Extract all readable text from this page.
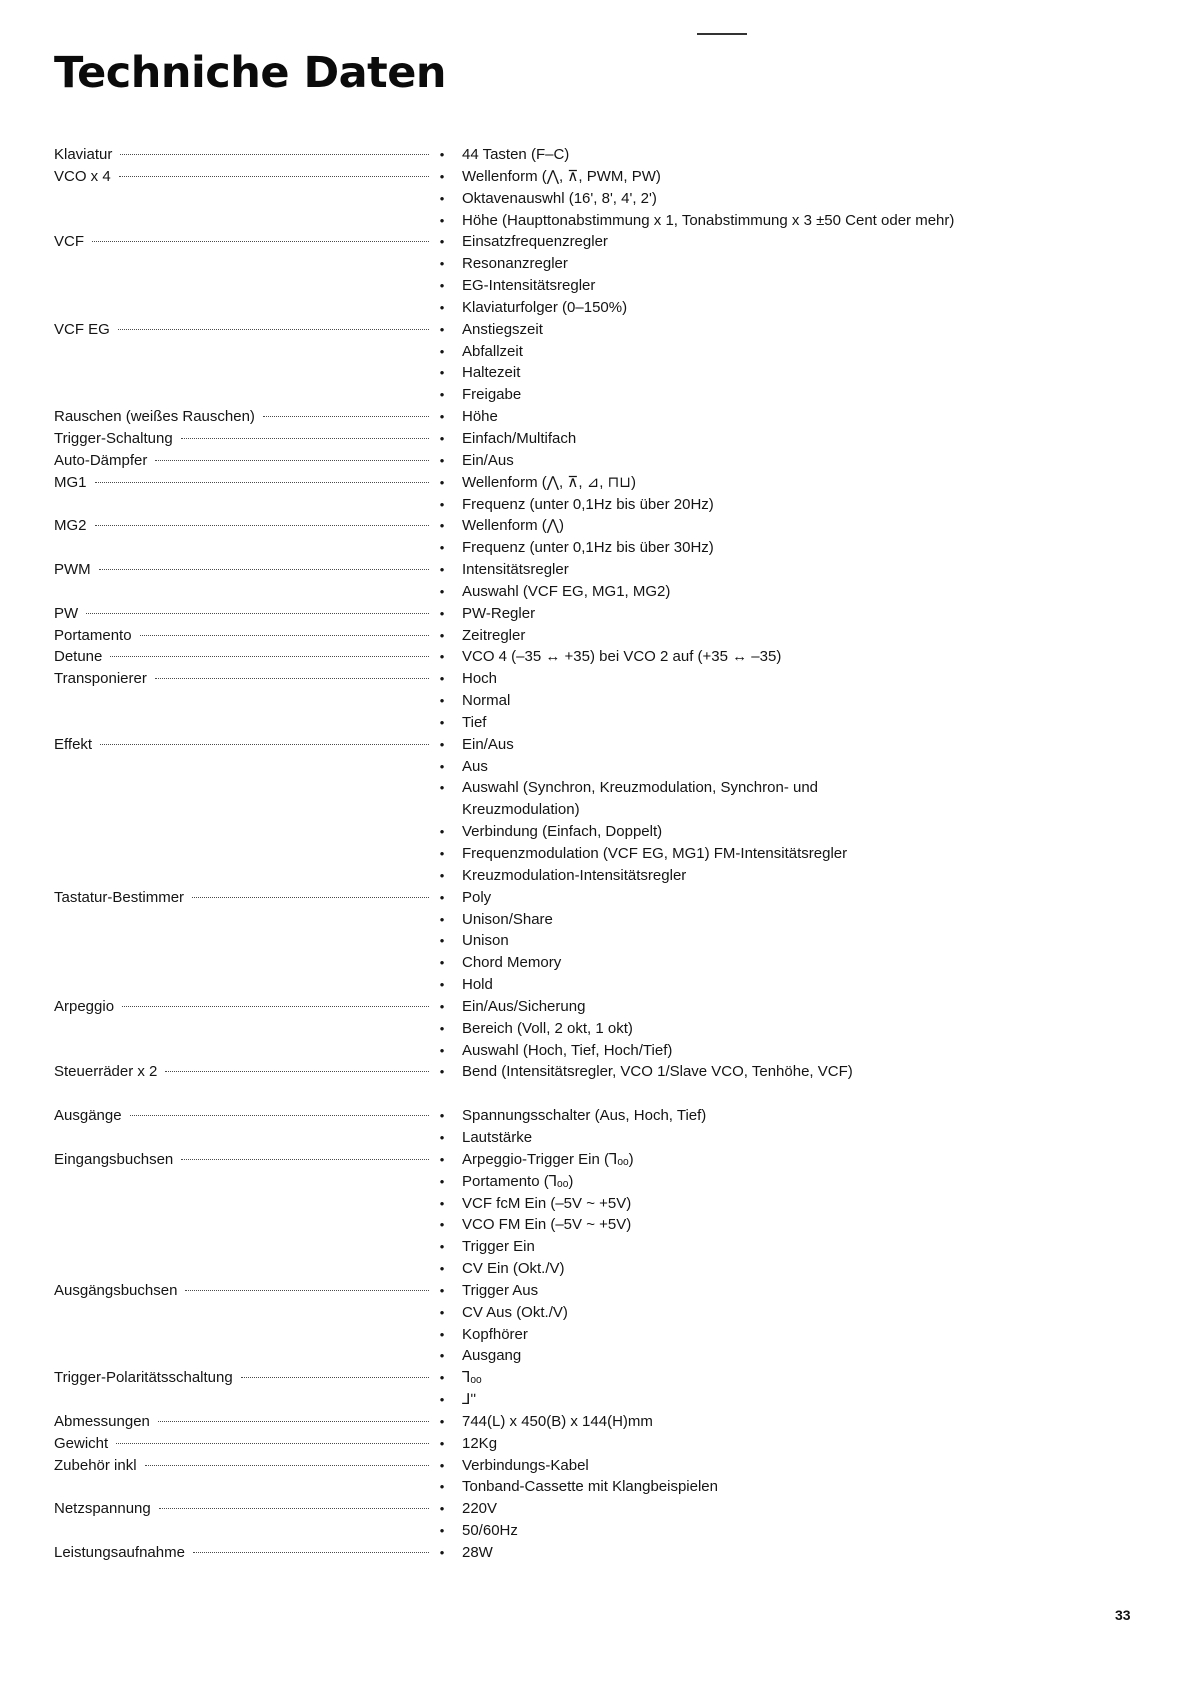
Techniche Daten
Klaviatur	• 44 Tasten (F–C)
VCO x 4	• Wellenform (⋀, ⊼, PWM, PW)
• Oktavenauswhl (16', 8', 4', 2')
• Höhe (Haupttonabstimmung x 1, Tonabstimmung x 3 ±50 Cent oder mehr)
VCF	• Einsatzfrequenzregler
• Resonanzregler
• EG-Intensitätsregler
• Klaviaturfolger (0–150%)
VCF EG	• Anstiegszeit
• Abfallzeit
• Haltezeit
• Freigabe
Rauschen (weißes Rauschen)	• Höhe
Trigger-Schaltung	• Einfach/Multifach
Auto-Dämpfer	• Ein/Aus
MG1	• Wellenform (⋀, ⊼, ⊿, ⊓⊔)
• Frequenz (unter 0,1Hz bis über 20Hz)
MG2	• Wellenform (⋀)
• Frequenz (unter 0,1Hz bis über 30Hz)
PWM	• Intensitätsregler
• Auswahl (VCF EG, MG1, MG2)
PW	• PW-Regler
Portamento	• Zeitregler
Detune	• VCO 4 (–35 ↔ +35) bei VCO 2 auf (+35 ↔ –35)
Transponierer	• Hoch
• Normal
• Tief
Effekt	• Ein/Aus
• Aus
• Auswahl (Synchron, Kreuzmodulation, Synchron- und Kreuzmodulation)
• Verbindung (Einfach, Doppelt)
• Frequenzmodulation (VCF EG, MG1) FM-Intensitätsregler
• Kreuzmodulation-Intensitätsregler
Tastatur-Bestimmer	• Poly
• Unison/Share
• Unison
• Chord Memory
• Hold
Arpeggio	• Ein/Aus/Sicherung
• Bereich (Voll, 2 okt, 1 okt)
• Auswahl (Hoch, Tief, Hoch/Tief)
Steuerräder x 2	• Bend (Intensitätsregler, VCO 1/Slave VCO, Tenhöhe, VCF)
Ausgänge	• Spannungsschalter (Aus, Hoch, Tief)
• Lautstärke
Eingangsbuchsen	• Arpeggio-Trigger Ein (⅂ₒₒ)
• Portamento (⅂ₒₒ)
• VCF fcM Ein (–5V ~ +5V)
• VCO FM Ein (–5V ~ +5V)
• Trigger Ein
• CV Ein (Okt./V)
Ausgängsbuchsen	• Trigger Aus
• CV Aus (Okt./V)
• Kopfhörer
• Ausgang
Trigger-Polaritätsschaltung	• ⅂ₒₒ
• ⅃ʹʹ
Abmessungen	• 744(L) x 450(B) x 144(H)mm
Gewicht	• 12Kg
Zubehör inkl	• Verbindungs-Kabel
• Tonband-Cassette mit Klangbeispielen
Netzspannung	• 220V
• 50/60Hz
Leistungsaufnahme	• 28W
33
